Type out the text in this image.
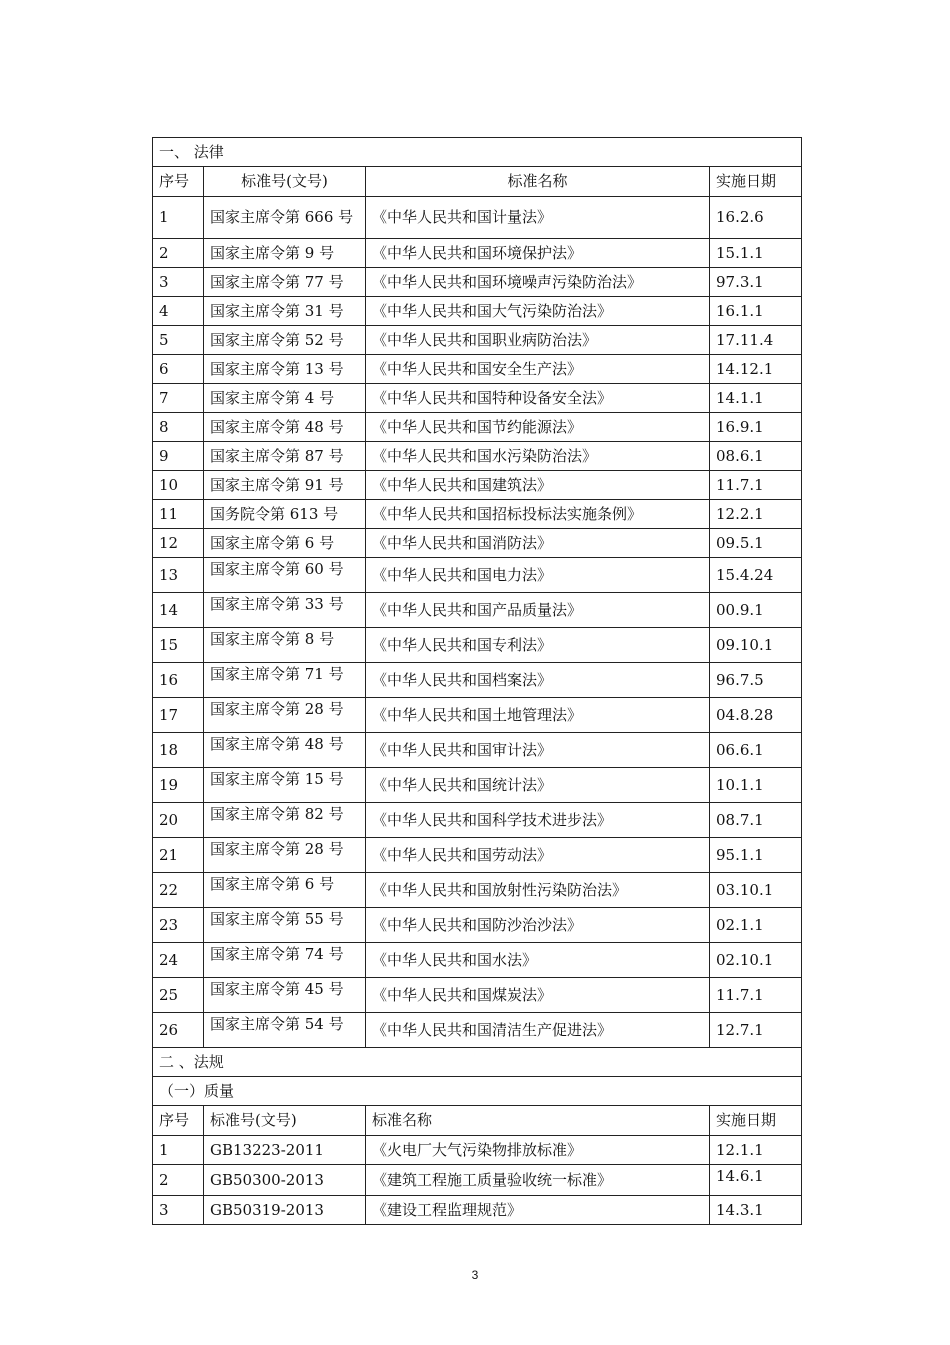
一、 法律			
序号	标准号(文号)	标准名称	实施日期
1	国家主席令第 666 号	《中华人民共和国计量法》	16.2.6
2	国家主席令第 9 号	《中华人民共和国环境保护法》	15.1.1
3	国家主席令第 77 号	《中华人民共和国环境噪声污染防治法》	97.3.1
4	国家主席令第 31 号	《中华人民共和国大气污染防治法》	16.1.1
5	国家主席令第 52 号	《中华人民共和国职业病防治法》	17.11.4
6	国家主席令第 13 号	《中华人民共和国安全生产法》	14.12.1
7	国家主席令第 4 号	《中华人民共和国特种设备安全法》	14.1.1
8	国家主席令第 48 号	《中华人民共和国节约能源法》	16.9.1
9	国家主席令第 87 号	《中华人民共和国水污染防治法》	08.6.1
10	国家主席令第 91 号	《中华人民共和国建筑法》	11.7.1
11	国务院令第 613 号	《中华人民共和国招标投标法实施条例》	12.2.1
12	国家主席令第 6 号	《中华人民共和国消防法》	09.5.1
13	国家主席令第 60 号	《中华人民共和国电力法》	15.4.24
14	国家主席令第 33 号	《中华人民共和国产品质量法》	00.9.1
15	国家主席令第 8 号	《中华人民共和国专利法》	09.10.1
16	国家主席令第 71 号	《中华人民共和国档案法》	96.7.5
17	国家主席令第 28 号	《中华人民共和国土地管理法》	04.8.28
18	国家主席令第 48 号	《中华人民共和国审计法》	06.6.1
19	国家主席令第 15 号	《中华人民共和国统计法》	10.1.1
20	国家主席令第 82 号	《中华人民共和国科学技术进步法》	08.7.1
21	国家主席令第 28 号	《中华人民共和国劳动法》	95.1.1
22	国家主席令第 6 号	《中华人民共和国放射性污染防治法》	03.10.1
23	国家主席令第 55 号	《中华人民共和国防沙治沙法》	02.1.1
24	国家主席令第 74 号	《中华人民共和国水法》	02.10.1
25	国家主席令第 45 号	《中华人民共和国煤炭法》	11.7.1
26	国家主席令第 54 号	《中华人民共和国清洁生产促进法》	12.7.1
二 、法规			
（一）质量			
序号	标准号(文号)	标准名称	实施日期
1	GB13223-2011	《火电厂大气污染物排放标准》	12.1.1
2	GB50300-2013	《建筑工程施工质量验收统一标准》	14.6.1
3	GB50319-2013	《建设工程监理规范》	14.3.1
3
